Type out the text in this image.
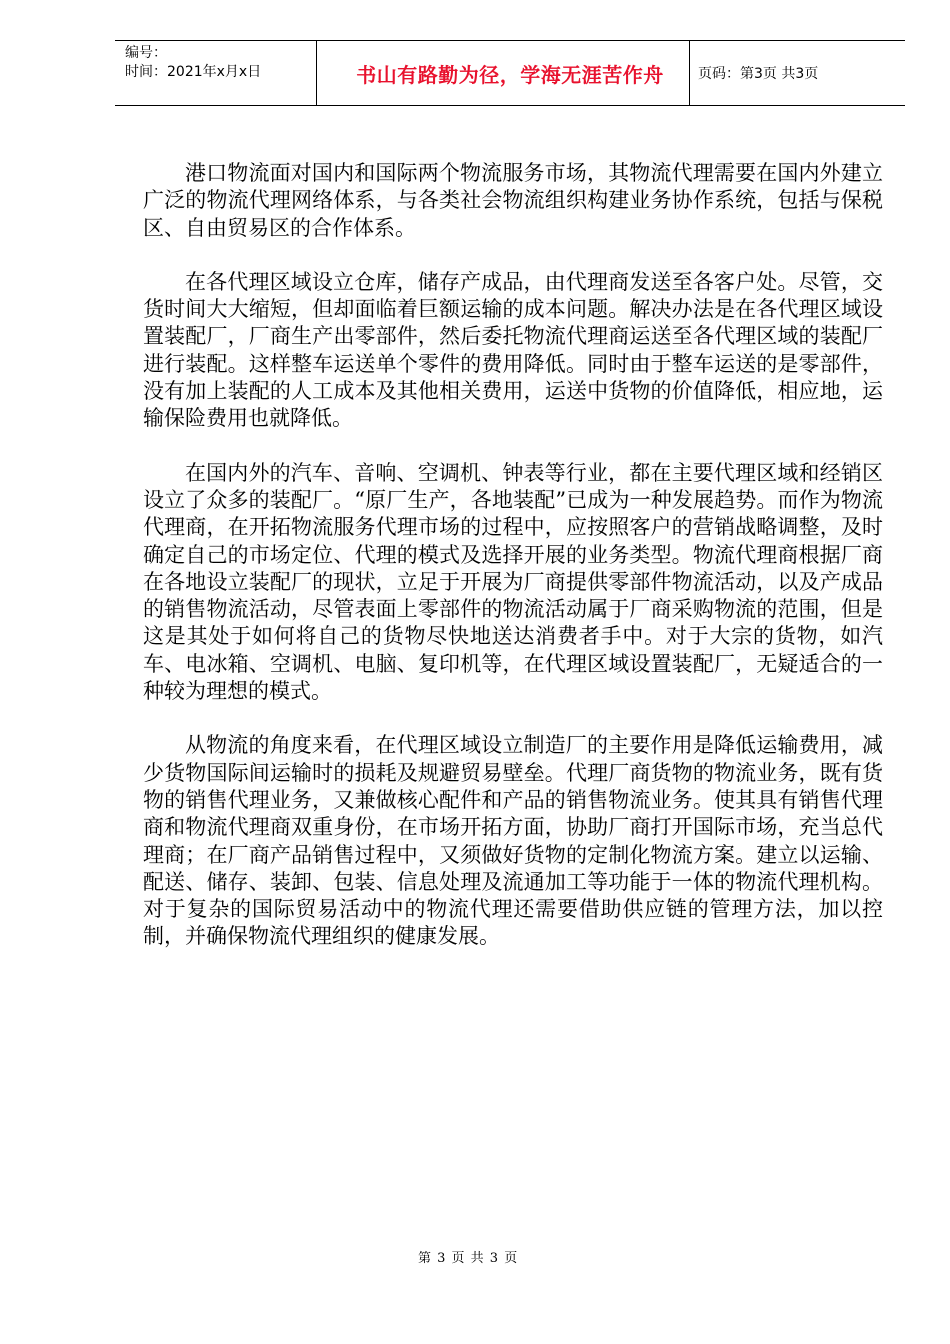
编号：
时间：2021年x月x日	书山有路勤为径，学海无涯苦作舟	页码：第3页 共3页

港口物流面对国内和国际两个物流服务市场，其物流代理需要在国内外建立广泛的物流代理网络体系，与各类社会物流组织构建业务协作系统，包括与保税区、自由贸易区的合作体系。

在各代理区域设立仓库，储存产成品，由代理商发送至各客户处。尽管，交货时间大大缩短，但却面临着巨额运输的成本问题。解决办法是在各代理区域设置装配厂，厂商生产出零部件，然后委托物流代理商运送至各代理区域的装配厂进行装配。这样整车运送单个零件的费用降低。同时由于整车运送的是零部件，没有加上装配的人工成本及其他相关费用，运送中货物的价值降低，相应地，运输保险费用也就降低。

在国内外的汽车、音响、空调机、钟表等行业，都在主要代理区域和经销区设立了众多的装配厂。“原厂生产，各地装配”已成为一种发展趋势。而作为物流代理商，在开拓物流服务代理市场的过程中，应按照客户的营销战略调整，及时确定自己的市场定位、代理的模式及选择开展的业务类型。物流代理商根据厂商在各地设立装配厂的现状，立足于开展为厂商提供零部件物流活动，以及产成品的销售物流活动，尽管表面上零部件的物流活动属于厂商采购物流的范围，但是这是其处于如何将自己的货物尽快地送达消费者手中。对于大宗的货物，如汽车、电冰箱、空调机、电脑、复印机等，在代理区域设置装配厂，无疑适合的一种较为理想的模式。

从物流的角度来看，在代理区域设立制造厂的主要作用是降低运输费用，减少货物国际间运输时的损耗及规避贸易壁垒。代理厂商货物的物流业务，既有货物的销售代理业务，又兼做核心配件和产品的销售物流业务。使其具有销售代理商和物流代理商双重身份，在市场开拓方面，协助厂商打开国际市场，充当总代理商；在厂商产品销售过程中，又须做好货物的定制化物流方案。建立以运输、配送、储存、装卸、包装、信息处理及流通加工等功能于一体的物流代理机构。对于复杂的国际贸易活动中的物流代理还需要借助供应链的管理方法，加以控制，并确保物流代理组织的健康发展。

第 3 页 共 3 页
